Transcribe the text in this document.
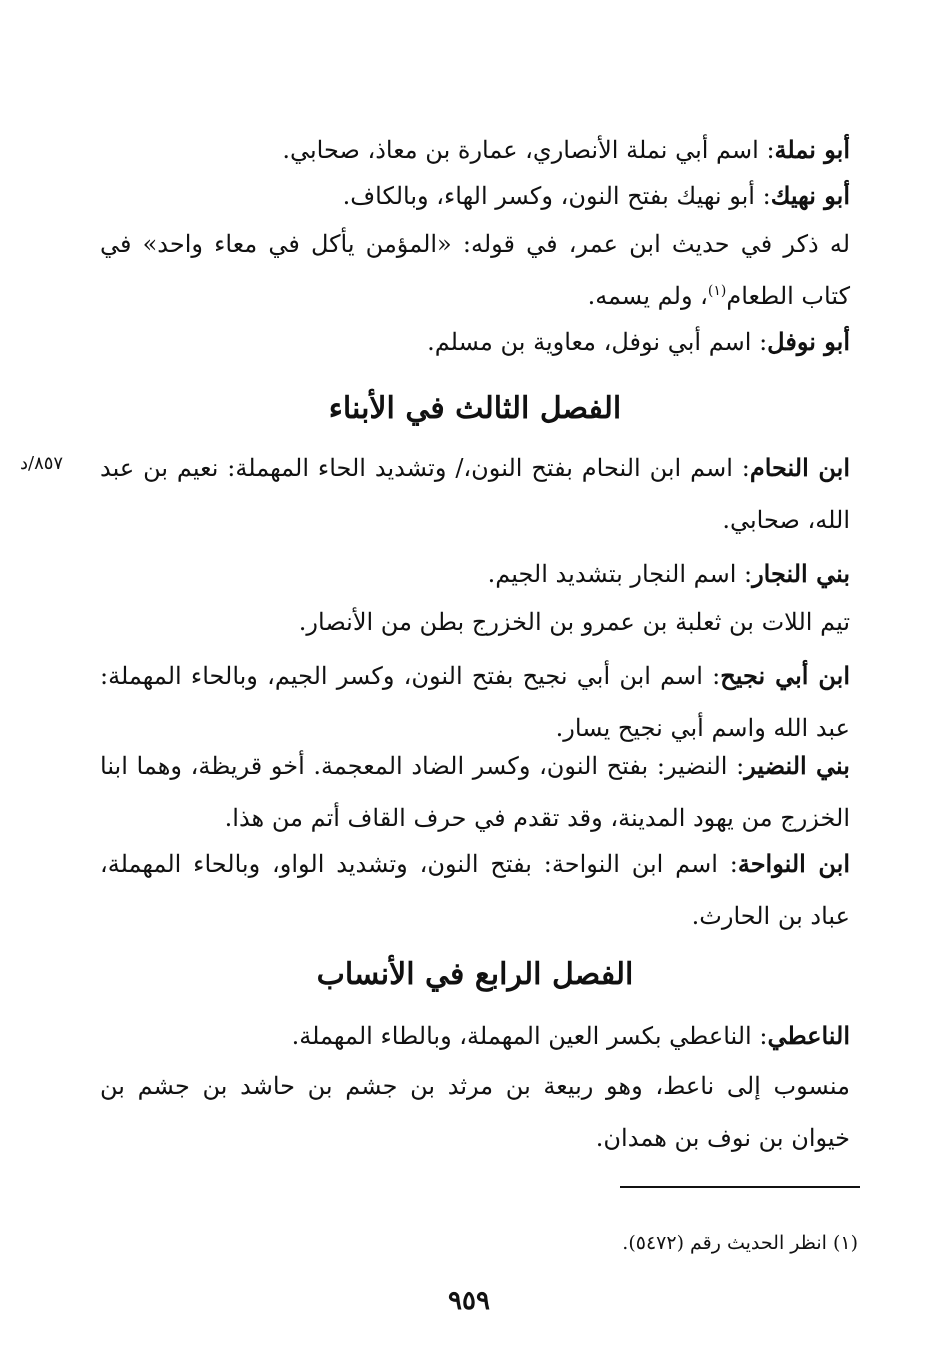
أبو نملة: اسم أبي نملة الأنصاري، عمارة بن معاذ، صحابي.
أبو نهيك: أبو نهيك بفتح النون، وكسر الهاء، وبالكاف.
له ذكر في حديث ابن عمر، في قوله: «المؤمن يأكل في معاء واحد» في كتاب الطعام$^{(١)}$، ولم يسمه.
أبو نوفل: اسم أبي نوفل، معاوية بن مسلم.
الفصل الثالث في الأبناء
٨٥٧/د	ابن النحام: اسم ابن النحام بفتح النون،/ وتشديد الحاء المهملة: نعيم بن عبد الله، صحابي.
بني النجار: اسم النجار بتشديد الجيم.
تيم اللات بن ثعلبة بن عمرو بن الخزرج بطن من الأنصار.
ابن أبي نجيح: اسم ابن أبي نجيح بفتح النون، وكسر الجيم، وبالحاء المهملة: عبد الله واسم أبي نجيح يسار.
بني النضير: النضير: بفتح النون، وكسر الضاد المعجمة. أخو قريظة، وهما ابنا الخزرج من يهود المدينة، وقد تقدم في حرف القاف أتم من هذا.
ابن النواحة: اسم ابن النواحة: بفتح النون، وتشديد الواو، وبالحاء المهملة، عباد بن الحارث.
الفصل الرابع في الأنساب
الناعطي: الناعطي بكسر العين المهملة، وبالطاء المهملة.
منسوب إلى ناعط، وهو ربيعة بن مرثد بن جشم بن حاشد بن جشم بن خيوان بن نوف بن همدان.
(١) انظر الحديث رقم (٥٤٧٢).
٩٥٩
